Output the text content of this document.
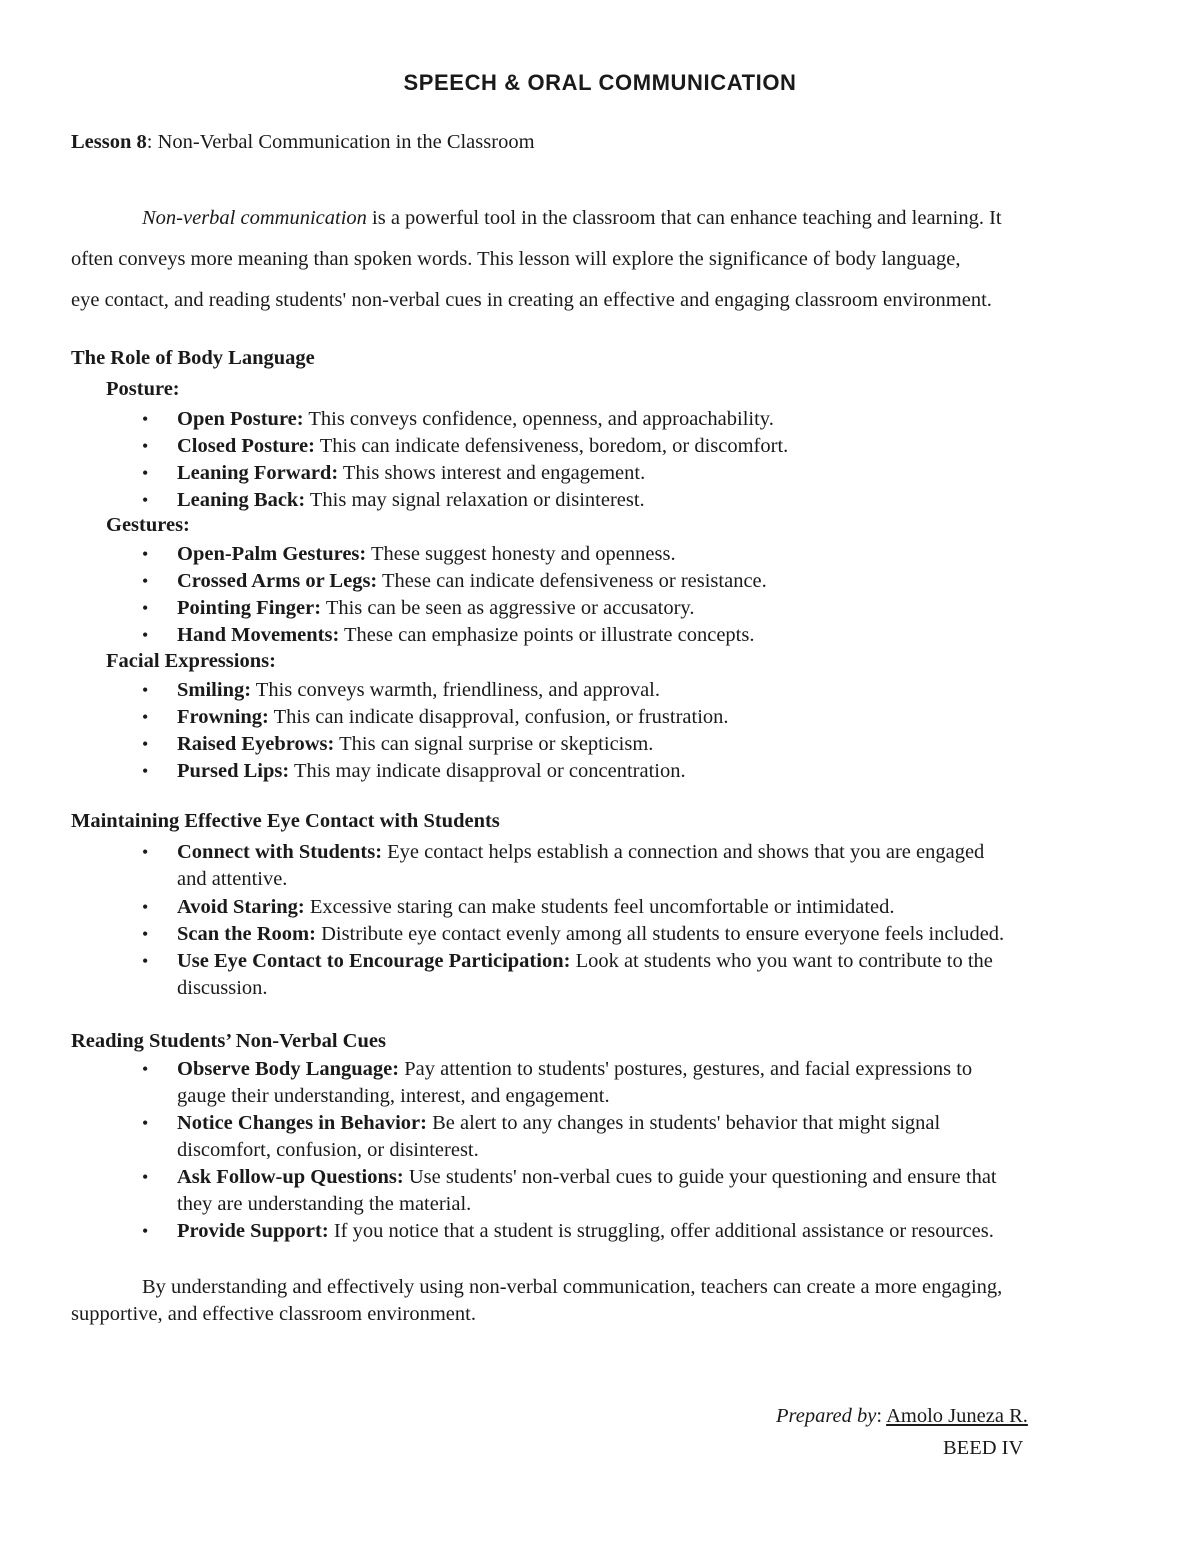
SPEECH & ORAL COMMUNICATION
Lesson 8: Non-Verbal Communication in the Classroom
Non-verbal communication is a powerful tool in the classroom that can enhance teaching and learning. It
often conveys more meaning than spoken words. This lesson will explore the significance of body language,
eye contact, and reading students' non-verbal cues in creating an effective and engaging classroom environment.
The Role of Body Language
Posture:
•	Open Posture: This conveys confidence, openness, and approachability.
•	Closed Posture: This can indicate defensiveness, boredom, or discomfort.
•	Leaning Forward: This shows interest and engagement.
•	Leaning Back: This may signal relaxation or disinterest.
Gestures:
•	Open-Palm Gestures: These suggest honesty and openness.
•	Crossed Arms or Legs: These can indicate defensiveness or resistance.
•	Pointing Finger: This can be seen as aggressive or accusatory.
•	Hand Movements: These can emphasize points or illustrate concepts.
Facial Expressions:
•	Smiling: This conveys warmth, friendliness, and approval.
•	Frowning: This can indicate disapproval, confusion, or frustration.
•	Raised Eyebrows: This can signal surprise or skepticism.
•	Pursed Lips: This may indicate disapproval or concentration.
Maintaining Effective Eye Contact with Students
•	Connect with Students: Eye contact helps establish a connection and shows that you are engaged
and attentive.
•	Avoid Staring: Excessive staring can make students feel uncomfortable or intimidated.
•	Scan the Room: Distribute eye contact evenly among all students to ensure everyone feels included.
•	Use Eye Contact to Encourage Participation: Look at students who you want to contribute to the
discussion.
Reading Students’ Non-Verbal Cues
•	Observe Body Language: Pay attention to students' postures, gestures, and facial expressions to
gauge their understanding, interest, and engagement.
•	Notice Changes in Behavior: Be alert to any changes in students' behavior that might signal
discomfort, confusion, or disinterest.
•	Ask Follow-up Questions: Use students' non-verbal cues to guide your questioning and ensure that
they are understanding the material.
•	Provide Support: If you notice that a student is struggling, offer additional assistance or resources.
By understanding and effectively using non-verbal communication, teachers can create a more engaging,
supportive, and effective classroom environment.
Prepared by: Amolo Juneza R.
BEED IV
